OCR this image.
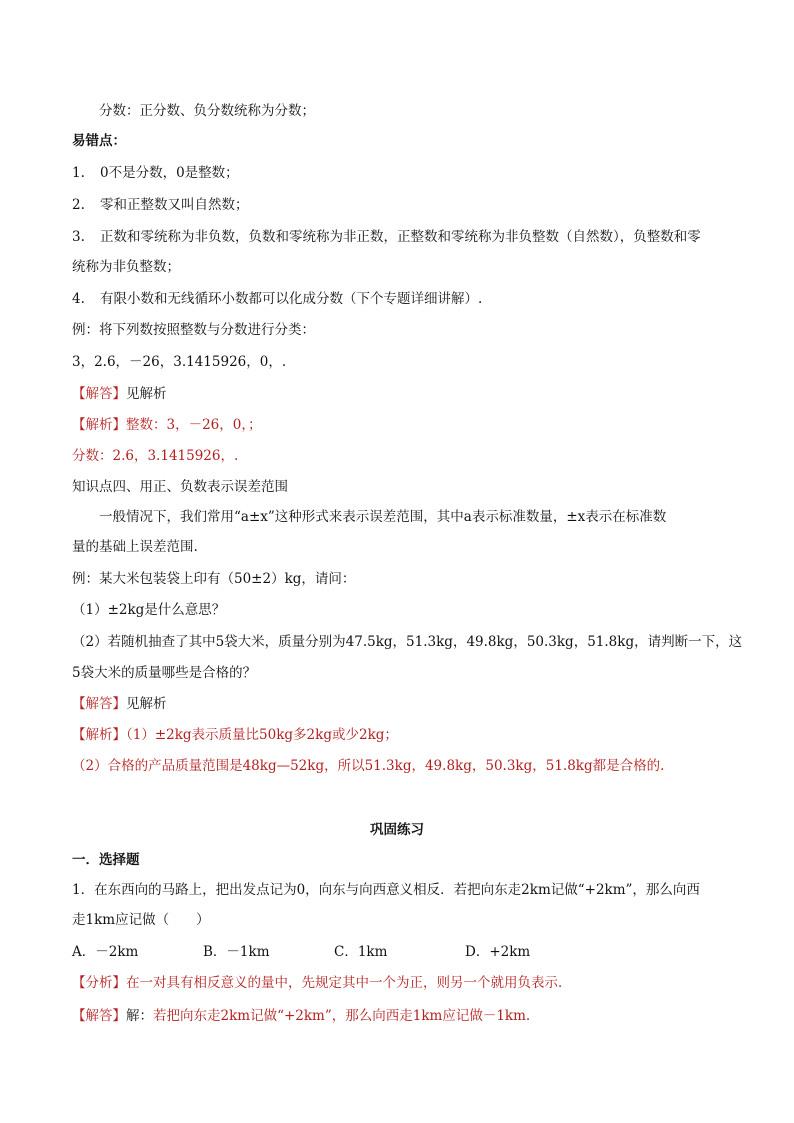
分数：正分数、负分数统称为分数；
易错点：
1. 0不是分数，0是整数；
2. 零和正整数又叫自然数；
3. 正数和零统称为非负数，负数和零统称为非正数，正整数和零统称为非负整数（自然数），负整数和零
统称为非负整数；
4. 有限小数和无线循环小数都可以化成分数（下个专题详细讲解）.
例：将下列数按照整数与分数进行分类：
3，2.6，－26，3.1415926，0，.
【解答】见解析
【解析】整数：3，－26，0，；
分数：2.6，3.1415926，.
知识点四、用正、负数表示误差范围
一般情况下，我们常用“a±x”这种形式来表示误差范围，其中a表示标准数量，±x表示在标准数
量的基础上误差范围.
例：某大米包装袋上印有（50±2）kg，请问：
（1）±2kg是什么意思？
（2）若随机抽查了其中5袋大米，质量分别为47.5kg，51.3kg，49.8kg，50.3kg，51.8kg，请判断一下，这
5袋大米的质量哪些是合格的？
【解答】见解析
【解析】（1）±2kg表示质量比50kg多2kg或少2kg；
（2）合格的产品质量范围是48kg—52kg，所以51.3kg，49.8kg，50.3kg，51.8kg都是合格的.
巩固练习
一．选择题
1．在东西向的马路上，把出发点记为0，向东与向西意义相反．若把向东走2km记做“+2km”，那么向西
走1km应记做（　　）
A．－2km	B．－1km	C．1km	D．+2km
【分析】在一对具有相反意义的量中，先规定其中一个为正，则另一个就用负表示．
【解答】解：若把向东走2km记做“+2km”，那么向西走1km应记做－1km.
